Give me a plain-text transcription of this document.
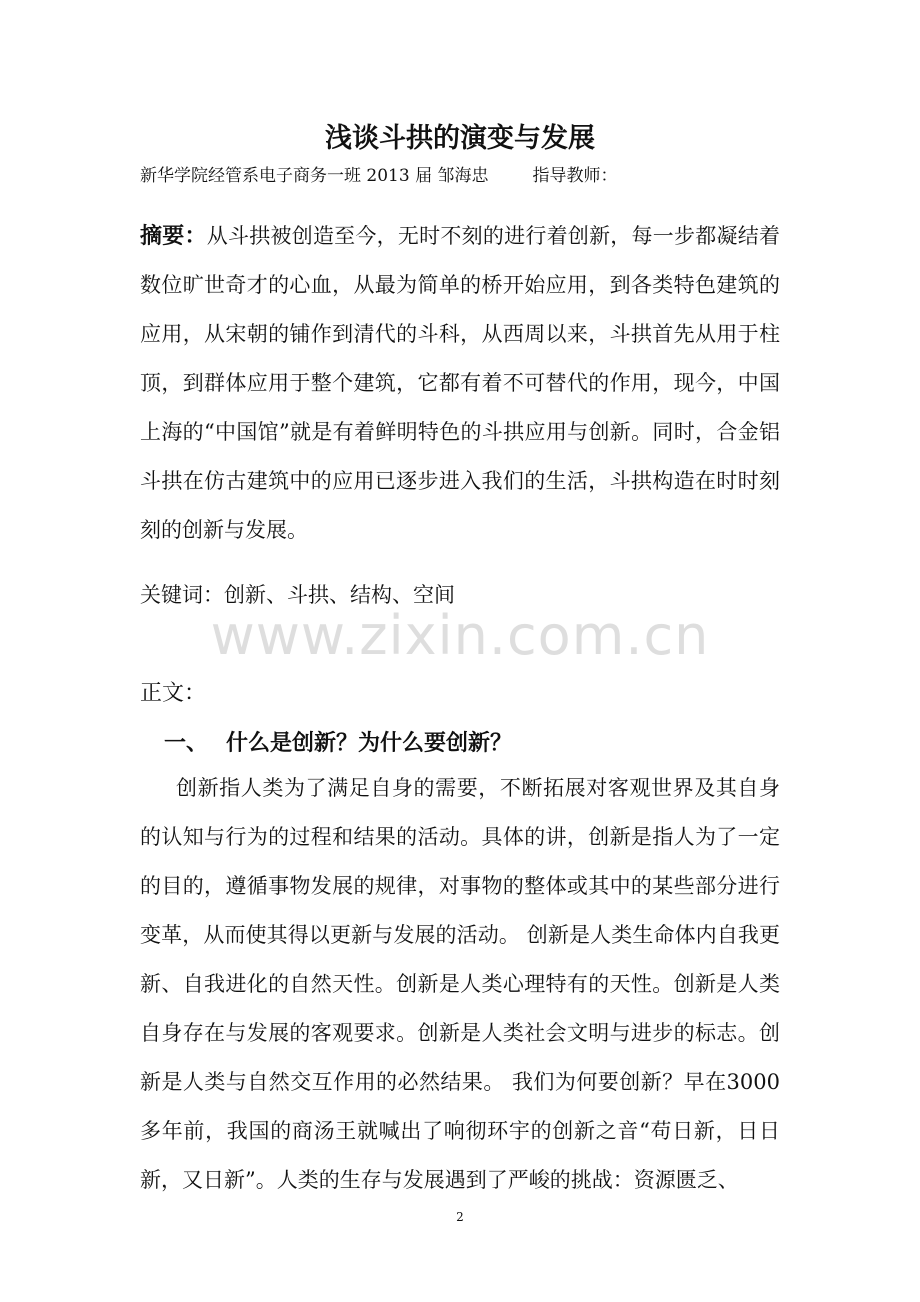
浅谈斗拱的演变与发展
新华学院经管系电子商务一班 2013 届 邹海忠	指导教师：
摘要：从斗拱被创造至今，无时不刻的进行着创新，每一步都凝结着数位旷世奇才的心血，从最为简单的桥开始应用，到各类特色建筑的应用，从宋朝的铺作到清代的斗科，从西周以来，斗拱首先从用于柱顶，到群体应用于整个建筑，它都有着不可替代的作用，现今，中国上海的“中国馆”就是有着鲜明特色的斗拱应用与创新。同时，合金铝斗拱在仿古建筑中的应用已逐步进入我们的生活，斗拱构造在时时刻刻的创新与发展。
关键词：创新、斗拱、结构、空间
www.zixin.com.cn
正文：
一、 什么是创新？为什么要创新？
创新指人类为了满足自身的需要，不断拓展对客观世界及其自身的认知与行为的过程和结果的活动。具体的讲，创新是指人为了一定的目的，遵循事物发展的规律，对事物的整体或其中的某些部分进行变革，从而使其得以更新与发展的活动。 创新是人类生命体内自我更新、自我进化的自然天性。创新是人类心理特有的天性。创新是人类自身存在与发展的客观要求。创新是人类社会文明与进步的标志。创新是人类与自然交互作用的必然结果。 我们为何要创新？早在3000 多年前，我国的商汤王就喊出了响彻环宇的创新之音“苟日新，日日新，又日新”。人类的生存与发展遇到了严峻的挑战：资源匮乏、
2
